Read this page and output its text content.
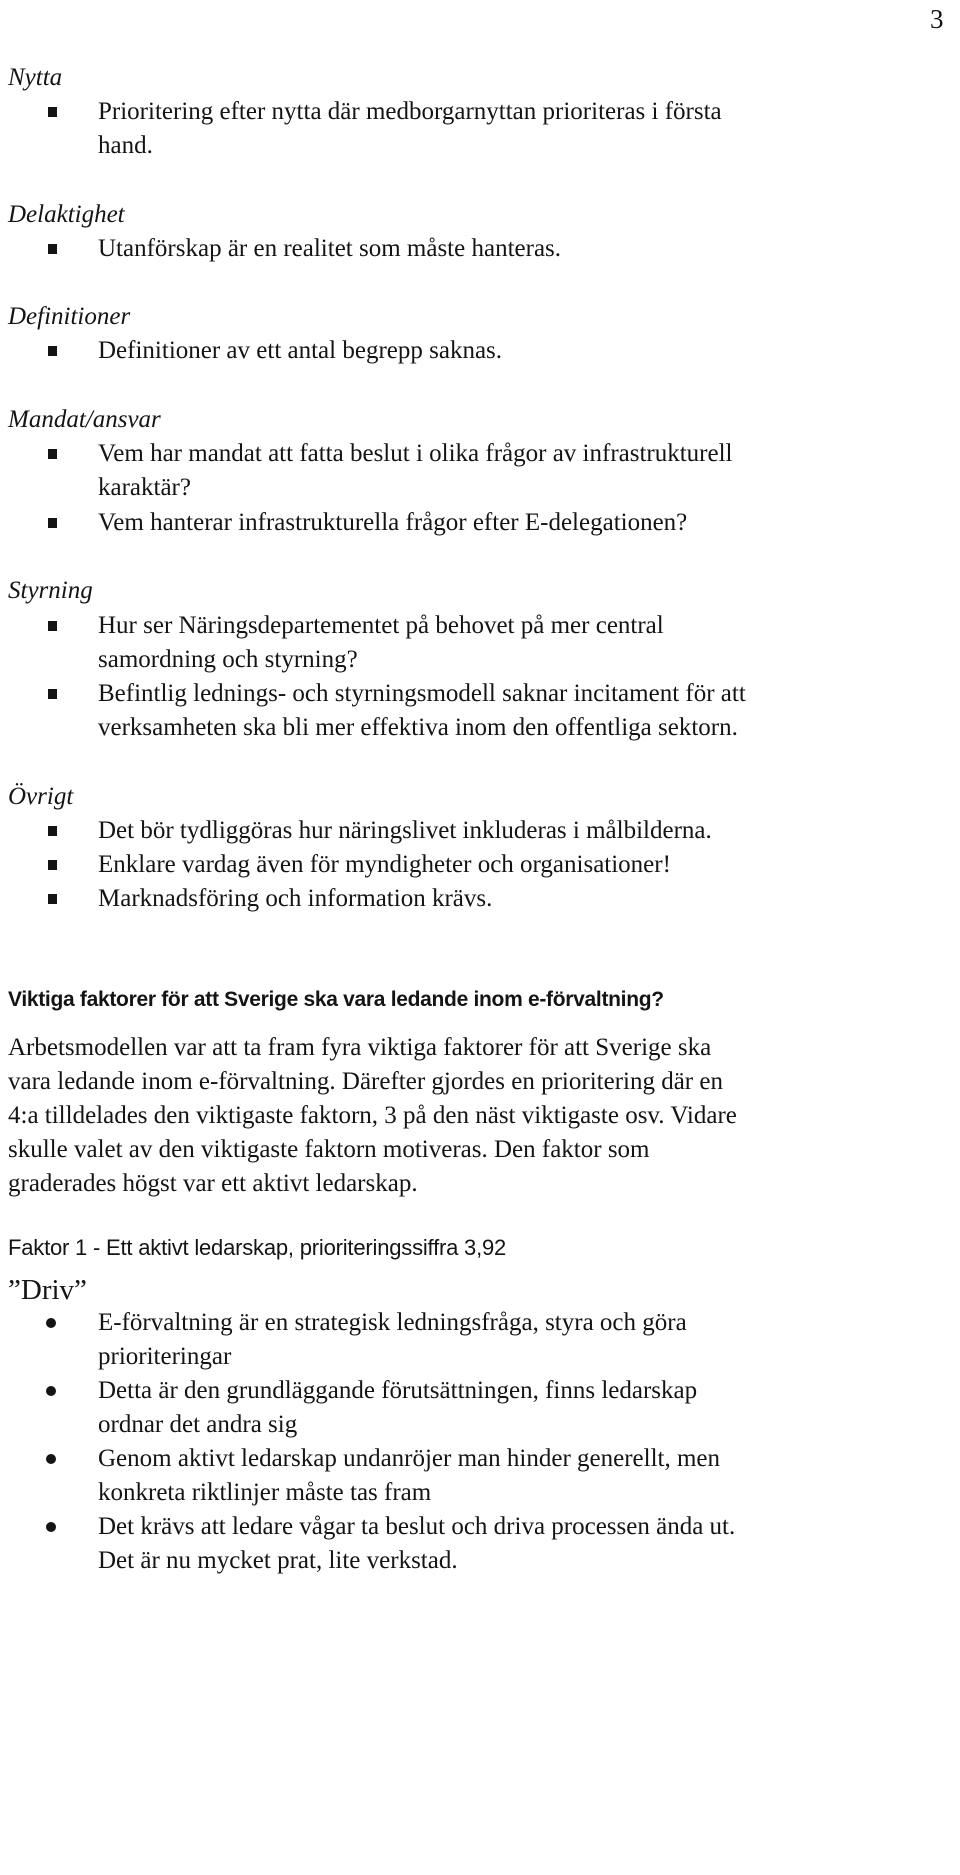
3
Nytta
Prioritering efter nytta där medborgarnyttan prioriteras i första
hand.
Delaktighet
Utanförskap är en realitet som måste hanteras.
Definitioner
Definitioner av ett antal begrepp saknas.
Mandat/ansvar
Vem har mandat att fatta beslut i olika frågor av infrastrukturell
karaktär?
Vem hanterar infrastrukturella frågor efter E-delegationen?
Styrning
Hur ser Näringsdepartementet på behovet på mer central
samordning och styrning?
Befintlig lednings- och styrningsmodell saknar incitament för att
verksamheten ska bli mer effektiva inom den offentliga sektorn.
Övrigt
Det bör tydliggöras hur näringslivet inkluderas i målbilderna.
Enklare vardag även för myndigheter och organisationer!
Marknadsföring och information krävs.
Viktiga faktorer för att Sverige ska vara ledande inom e-förvaltning?
Arbetsmodellen var att ta fram fyra viktiga faktorer för att Sverige ska
vara ledande inom e-förvaltning. Därefter gjordes en prioritering där en
4:a tilldelades den viktigaste faktorn, 3 på den näst viktigaste osv. Vidare
skulle valet av den viktigaste faktorn motiveras. Den faktor som
graderades högst var ett aktivt ledarskap.
Faktor 1 - Ett aktivt ledarskap, prioriteringssiffra 3,92
”Driv”
E-förvaltning är en strategisk ledningsfråga, styra och göra
prioriteringar
Detta är den grundläggande förutsättningen, finns ledarskap
ordnar det andra sig
Genom aktivt ledarskap undanröjer man hinder generellt, men
konkreta riktlinjer måste tas fram
Det krävs att ledare vågar ta beslut och driva processen ända ut.
Det är nu mycket prat, lite verkstad.
